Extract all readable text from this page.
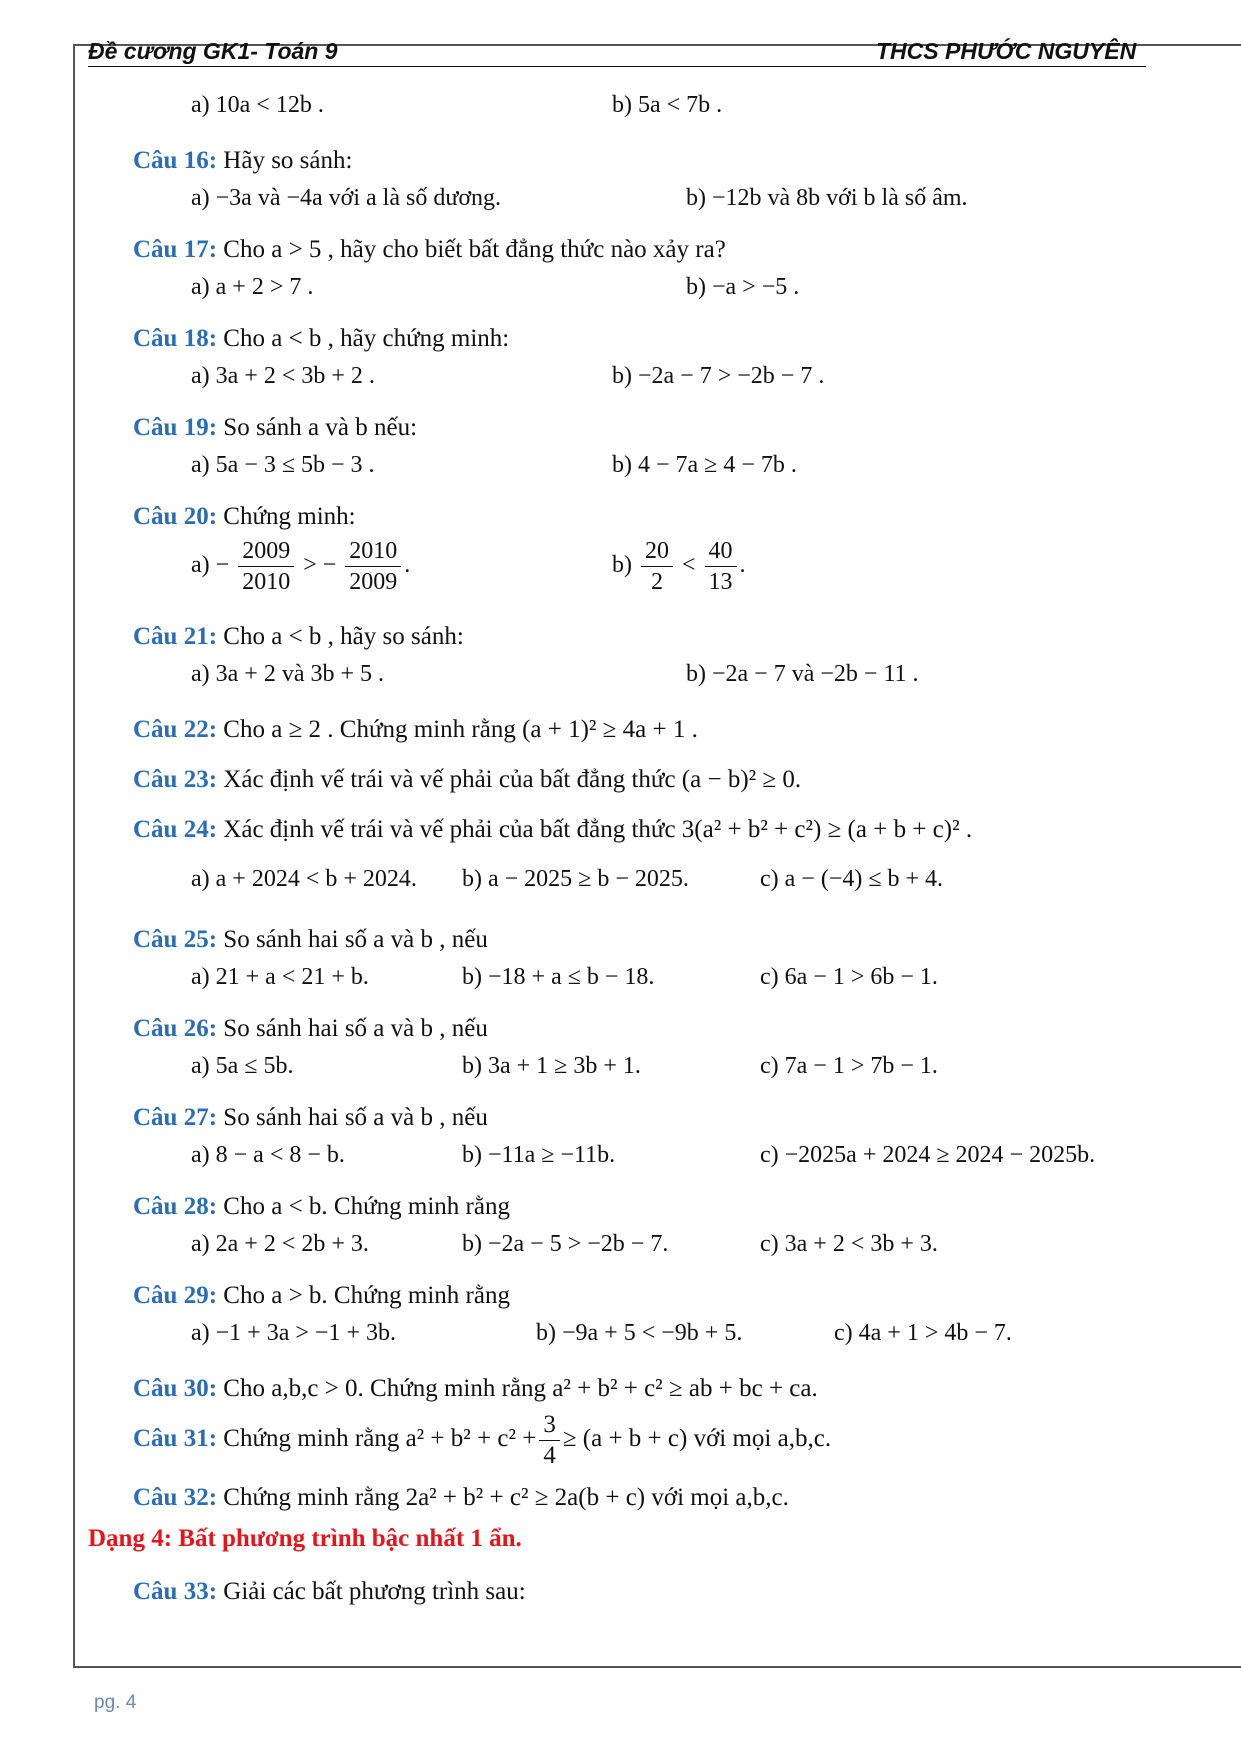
Đề cương GK1- Toán 9	THCS PHƯỚC NGUYÊN
a) 10a < 12b .	b) 5a < 7b .
Câu 16: Hãy so sánh:
a) −3a và −4a với a là số dương.	b) −12b và 8b với b là số âm.
Câu 17: Cho a > 5 , hãy cho biết bất đẳng thức nào xảy ra?
a) a + 2 > 7 .	b) −a > −5 .
Câu 18: Cho a < b , hãy chứng minh:
a) 3a + 2 < 3b + 2 .	b) −2a − 7 > −2b − 7 .
Câu 19: So sánh a và b nếu:
a) 5a − 3 ≤ 5b − 3 .	b) 4 − 7a ≥ 4 − 7b .
Câu 20: Chứng minh:
$a) - \frac{2009}{2010}$ > − $\frac{2010}{2009}$ .	$b) \frac{20}{2} < \frac{40}{13}$ .
Câu 21: Cho a < b , hãy so sánh:
a) 3a + 2 và 3b + 5 .	b) −2a − 7 và −2b − 11 .
Câu 22: Cho a ≥ 2 . Chứng minh rằng (a + 1)² ≥ 4a + 1 .
Câu 23: Xác định vế trái và vế phải của bất đẳng thức (a − b)² ≥ 0.
Câu 24: Xác định vế trái và vế phải của bất đẳng thức 3(a² + b² + c²) ≥ (a + b + c)² .
a) a + 2024 < b + 2024. b) a − 2025 ≥ b − 2025.	c) a − (−4) ≤ b + 4.
Câu 25: So sánh hai số a và b , nếu
a) 21 + a < 21 + b.	b) −18 + a ≤ b − 18.	c) 6a − 1 > 6b − 1.
Câu 26: So sánh hai số a và b , nếu
a) 5a ≤ 5b.	b) 3a + 1 ≥ 3b + 1.	c) 7a − 1 > 7b − 1.
Câu 27: So sánh hai số a và b , nếu
a) 8 − a < 8 − b.	b) −11a ≥ −11b.	c) −2025a + 2024 ≥ 2024 − 2025b.
Câu 28: Cho a < b. Chứng minh rằng
a) 2a + 2 < 2b + 3.	b) −2a − 5 > −2b − 7.	c) 3a + 2 < 3b + 3.
Câu 29: Cho a > b. Chứng minh rằng
a) −1 + 3a > −1 + 3b.	b) −9a + 5 < −9b + 5.	c) 4a + 1 > 4b − 7.
Câu 30: Cho a,b,c > 0. Chứng minh rằng a² + b² + c² ≥ ab + bc + ca.
Câu 31: Chứng minh rằng $a^2 + b^2 + c^2 + \frac{3}{4} \ge (a + b + c)$ với mọi a,b,c.
Câu 32: Chứng minh rằng 2a² + b² + c² ≥ 2a(b + c) với mọi a,b,c.
Dạng 4: Bất phương trình bậc nhất 1 ẩn.
Câu 33: Giải các bất phương trình sau:
pg. 4
